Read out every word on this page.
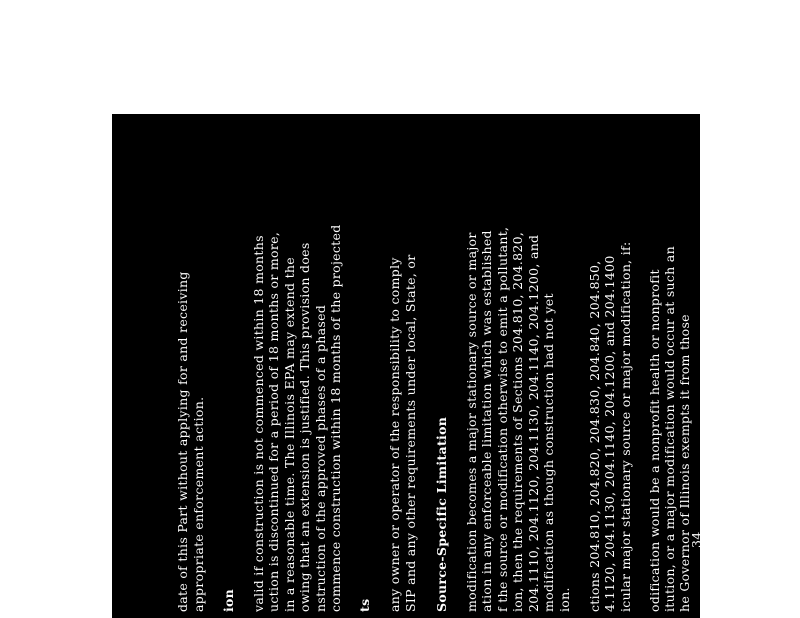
date of this Part without applying for and receiving appropriate enforcement action. ion valid if construction is not commenced within 18 months uction is discontinued for a period of 18 months or more, in a reasonable time. The Illinois EPA may extend the owing that an extension is justified. This provision does nstruction of the approved phases of a phased commence construction within 18 months of the projected ts any owner or operator of the responsibility to comply SIP and any other requirements under local, State, or Source-Specific Limitation modification becomes a major stationary source or major ation in any enforceable limitation which was established f the source or modification otherwise to emit a pollutant, ion, then the requirements of Sections 204.810, 204.820, 204.1110, 204.1120, 204.1130, 204.1140, 204.1200, and modification as though construction had not yet ion. ctions 204.810, 204.820, 204.830, 204.840, 204.850, 4.1120, 204.1130, 204.1140, 204.1200, and 204.1400 icular major stationary source or major modification, if: odification would be a nonprofit health or nonprofit itution, or a major modification would occur at such an he Governor of Illinois exempts it from those odification would be a major stationary source or major y if fugitive emissions, to the extent quantifiable, are lculating the potential to emit of the stationary source or l the source does not belong to any of the following
34
